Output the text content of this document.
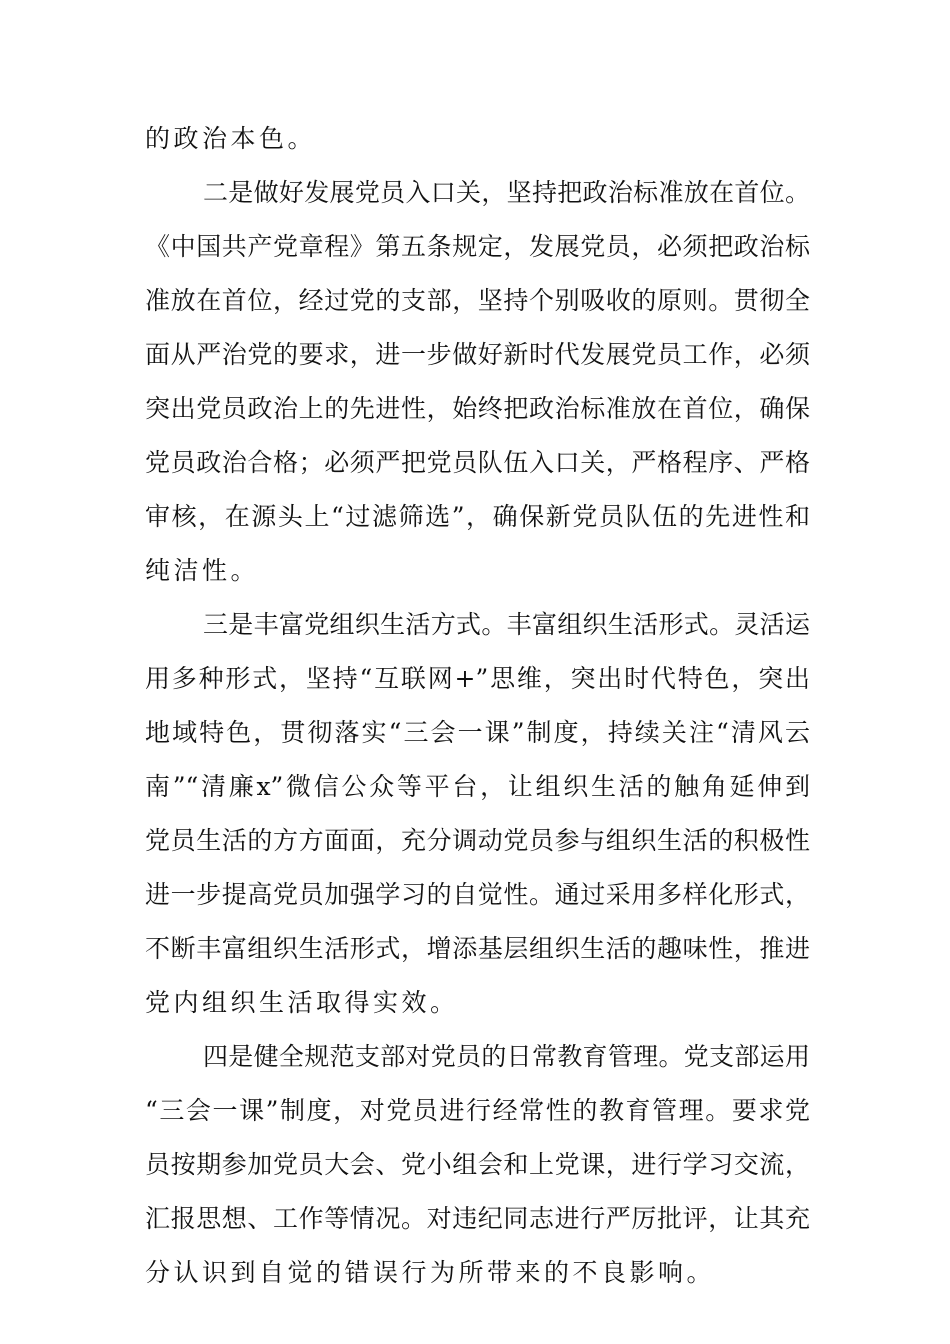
的政治本色。
二是做好发展党员入口关，坚持把政治标准放在首位。
《中国共产党章程》第五条规定，发展党员，必须把政治标
准放在首位，经过党的支部，坚持个别吸收的原则。贯彻全
面从严治党的要求，进一步做好新时代发展党员工作，必须
突出党员政治上的先进性，始终把政治标准放在首位，确保
党员政治合格；必须严把党员队伍入口关，严格程序、严格
审核，在源头上“过滤筛选”，确保新党员队伍的先进性和
纯洁性。
三是丰富党组织生活方式。丰富组织生活形式。灵活运
用多种形式，坚持“互联网+”思维，突出时代特色，突出
地域特色，贯彻落实“三会一课”制度，持续关注“清风云
南”“清廉x”微信公众等平台，让组织生活的触角延伸到
党员生活的方方面面，充分调动党员参与组织生活的积极性
进一步提高党员加强学习的自觉性。通过采用多样化形式，
不断丰富组织生活形式，增添基层组织生活的趣味性，推进
党内组织生活取得实效。
四是健全规范支部对党员的日常教育管理。党支部运用
“三会一课”制度，对党员进行经常性的教育管理。要求党
员按期参加党员大会、党小组会和上党课，进行学习交流，
汇报思想、工作等情况。对违纪同志进行严厉批评，让其充
分认识到自觉的错误行为所带来的不良影响。
